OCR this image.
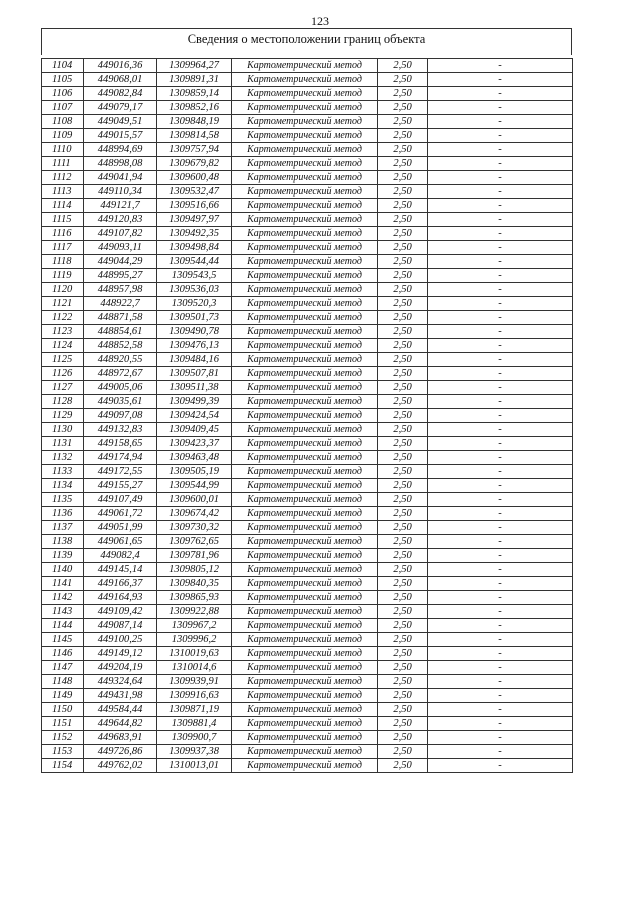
123
Сведения о местоположении границ объекта
1104	449016,36	1309964,27	Картометрический метод	2,50	-
1105	449068,01	1309891,31	Картометрический метод	2,50	-
1106	449082,84	1309859,14	Картометрический метод	2,50	-
1107	449079,17	1309852,16	Картометрический метод	2,50	-
1108	449049,51	1309848,19	Картометрический метод	2,50	-
1109	449015,57	1309814,58	Картометрический метод	2,50	-
1110	448994,69	1309757,94	Картометрический метод	2,50	-
1111	448998,08	1309679,82	Картометрический метод	2,50	-
1112	449041,94	1309600,48	Картометрический метод	2,50	-
1113	449110,34	1309532,47	Картометрический метод	2,50	-
1114	449121,7	1309516,66	Картометрический метод	2,50	-
1115	449120,83	1309497,97	Картометрический метод	2,50	-
1116	449107,82	1309492,35	Картометрический метод	2,50	-
1117	449093,11	1309498,84	Картометрический метод	2,50	-
1118	449044,29	1309544,44	Картометрический метод	2,50	-
1119	448995,27	1309543,5	Картометрический метод	2,50	-
1120	448957,98	1309536,03	Картометрический метод	2,50	-
1121	448922,7	1309520,3	Картометрический метод	2,50	-
1122	448871,58	1309501,73	Картометрический метод	2,50	-
1123	448854,61	1309490,78	Картометрический метод	2,50	-
1124	448852,58	1309476,13	Картометрический метод	2,50	-
1125	448920,55	1309484,16	Картометрический метод	2,50	-
1126	448972,67	1309507,81	Картометрический метод	2,50	-
1127	449005,06	1309511,38	Картометрический метод	2,50	-
1128	449035,61	1309499,39	Картометрический метод	2,50	-
1129	449097,08	1309424,54	Картометрический метод	2,50	-
1130	449132,83	1309409,45	Картометрический метод	2,50	-
1131	449158,65	1309423,37	Картометрический метод	2,50	-
1132	449174,94	1309463,48	Картометрический метод	2,50	-
1133	449172,55	1309505,19	Картометрический метод	2,50	-
1134	449155,27	1309544,99	Картометрический метод	2,50	-
1135	449107,49	1309600,01	Картометрический метод	2,50	-
1136	449061,72	1309674,42	Картометрический метод	2,50	-
1137	449051,99	1309730,32	Картометрический метод	2,50	-
1138	449061,65	1309762,65	Картометрический метод	2,50	-
1139	449082,4	1309781,96	Картометрический метод	2,50	-
1140	449145,14	1309805,12	Картометрический метод	2,50	-
1141	449166,37	1309840,35	Картометрический метод	2,50	-
1142	449164,93	1309865,93	Картометрический метод	2,50	-
1143	449109,42	1309922,88	Картометрический метод	2,50	-
1144	449087,14	1309967,2	Картометрический метод	2,50	-
1145	449100,25	1309996,2	Картометрический метод	2,50	-
1146	449149,12	1310019,63	Картометрический метод	2,50	-
1147	449204,19	1310014,6	Картометрический метод	2,50	-
1148	449324,64	1309939,91	Картометрический метод	2,50	-
1149	449431,98	1309916,63	Картометрический метод	2,50	-
1150	449584,44	1309871,19	Картометрический метод	2,50	-
1151	449644,82	1309881,4	Картометрический метод	2,50	-
1152	449683,91	1309900,7	Картометрический метод	2,50	-
1153	449726,86	1309937,38	Картометрический метод	2,50	-
1154	449762,02	1310013,01	Картометрический метод	2,50	-
